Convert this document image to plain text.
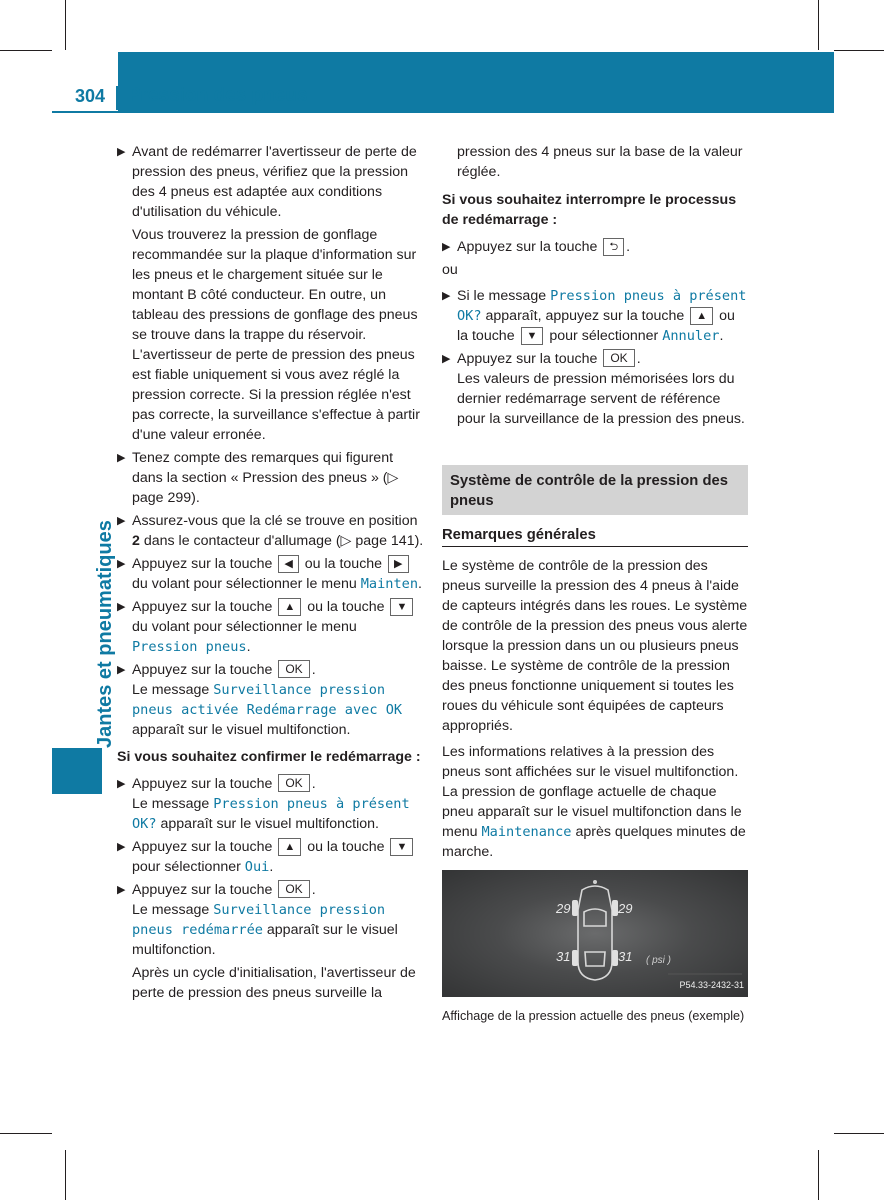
304 Pression des pneus
Jantes et pneumatiques
▶ Avant de redémarrer l'avertisseur de perte de pression des pneus, vérifiez que la pression des 4 pneus est adaptée aux conditions d'utilisation du véhicule.
Vous trouverez la pression de gonflage recommandée sur la plaque d'information sur les pneus et le chargement située sur le montant B côté conducteur. En outre, un tableau des pressions de gonflage des pneus se trouve dans la trappe du réservoir. L'avertisseur de perte de pression des pneus est fiable uniquement si vous avez réglé la pression correcte. Si la pression réglée n'est pas correcte, la surveillance s'effectue à partir d'une valeur erronée.
▶ Tenez compte des remarques qui figurent dans la section « Pression des pneus » (▷ page 299).
▶ Assurez-vous que la clé se trouve en position 2 dans le contacteur d'allumage (▷ page 141).
▶ Appuyez sur la touche ◀ ou la touche ▶ du volant pour sélectionner le menu Mainten.
▶ Appuyez sur la touche ▲ ou la touche ▼ du volant pour sélectionner le menu Pression pneus.
▶ Appuyez sur la touche OK .
Le message Surveillance pression pneus activée Redémarrage avec OK apparaît sur le visuel multifonction.
Si vous souhaitez confirmer le redémarrage :
▶ Appuyez sur la touche OK .
Le message Pression pneus à présent OK? apparaît sur le visuel multifonction.
▶ Appuyez sur la touche ▲ ou la touche ▼ pour sélectionner Oui.
▶ Appuyez sur la touche OK .
Le message Surveillance pression pneus redémarrée apparaît sur le visuel multifonction.
Après un cycle d'initialisation, l'avertisseur de perte de pression des pneus surveille la
pression des 4 pneus sur la base de la valeur réglée.
Si vous souhaitez interrompre le processus de redémarrage :
▶ Appuyez sur la touche ⮌ .
ou
▶ Si le message Pression pneus à présent OK? apparaît, appuyez sur la touche ▲ ou la touche ▼ pour sélectionner Annuler.
▶ Appuyez sur la touche OK .
Les valeurs de pression mémorisées lors du dernier redémarrage servent de référence pour la surveillance de la pression des pneus.
Système de contrôle de la pression des pneus
Remarques générales
Le système de contrôle de la pression des pneus surveille la pression des 4 pneus à l'aide de capteurs intégrés dans les roues. Le système de contrôle de la pression des pneus vous alerte lorsque la pression dans un ou plusieurs pneus baisse. Le système de contrôle de la pression des pneus fonctionne uniquement si toutes les roues du véhicule sont équipées de capteurs appropriés.
Les informations relatives à la pression des pneus sont affichées sur le visuel multifonction. La pression de gonflage actuelle de chaque pneu apparaît sur le visuel multifonction dans le menu Maintenance après quelques minutes de marche.
29	29
31	31 ( psi )
P54.33-2432-31
Affichage de la pression actuelle des pneus (exemple)
